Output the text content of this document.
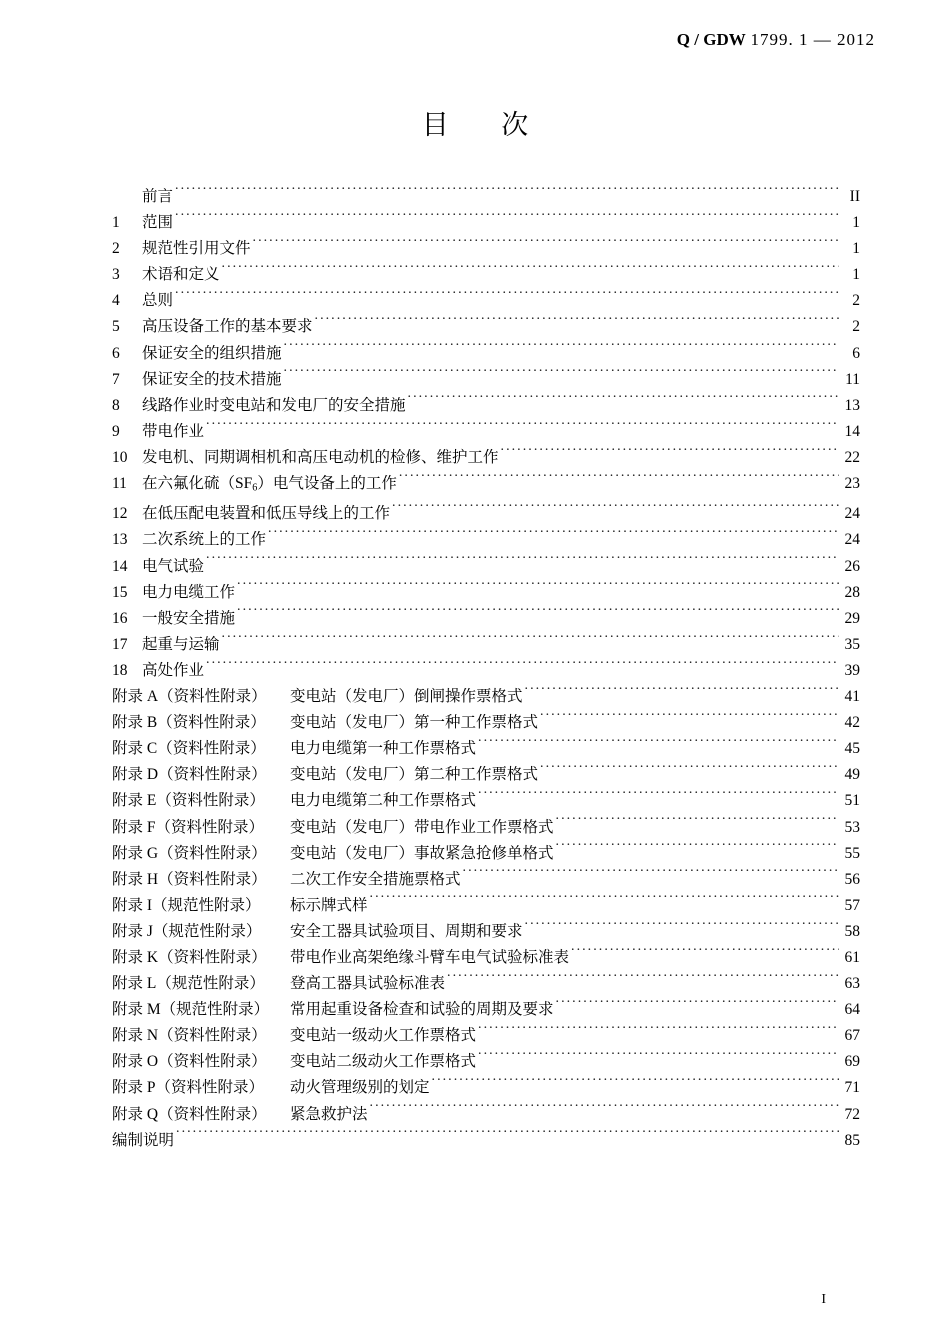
Q / GDW 1799. 1 — 2012
目 次
前言 .....	II
1	范围 .....	1
2	规范性引用文件 .....	1
3	术语和定义 .....	1
4	总则 .....	2
5	高压设备工作的基本要求 .....	2
6	保证安全的组织措施 .....	6
7	保证安全的技术措施 .....	11
8	线路作业时变电站和发电厂的安全措施 .....	13
9	带电作业 .....	14
10 发电机、同期调相机和高压电动机的检修、维护工作 .....	22
11 在六氟化硫$(SF_6)$电气设备上的工作 .....	23
12 在低压配电装置和低压导线上的工作 .....	24
13 二次系统上的工作 .....	24
14 电气试验 .....	26
15 电力电缆工作 .....	28
16 一般安全措施 .....	29
17 起重与运输 .....	35
18 高处作业 .....	39
附录 A（资料性附录）	变电站（发电厂）倒闸操作票格式 .....	41
附录 B（资料性附录）	变电站（发电厂）第一种工作票格式 .....	42
附录 C（资料性附录）	电力电缆第一种工作票格式 .....	45
附录 D（资料性附录）	变电站（发电厂）第二种工作票格式 .....	49
附录 E（资料性附录）	电力电缆第二种工作票格式 .....	51
附录 F（资料性附录）	变电站（发电厂）带电作业工作票格式 .....	53
附录 G（资料性附录）	变电站（发电厂）事故紧急抢修单格式 .....	55
附录 H（资料性附录）	二次工作安全措施票格式 .....	56
附录 I（规范性附录）	标示牌式样 .....	57
附录 J（规范性附录）	安全工器具试验项目、周期和要求 .....	58
附录 K（资料性附录）	带电作业高架绝缘斗臂车电气试验标准表 .....	61
附录 L（规范性附录）	登高工器具试验标准表 .....	63
附录 M（规范性附录）	常用起重设备检查和试验的周期及要求 .....	64
附录 N（资料性附录）	变电站一级动火工作票格式 .....	67
附录 O（资料性附录）	变电站二级动火工作票格式 .....	69
附录 P（资料性附录）	动火管理级别的划定 .....	71
附录 Q（资料性附录）	紧急救护法 .....	72
编制说明 .....	85
I
